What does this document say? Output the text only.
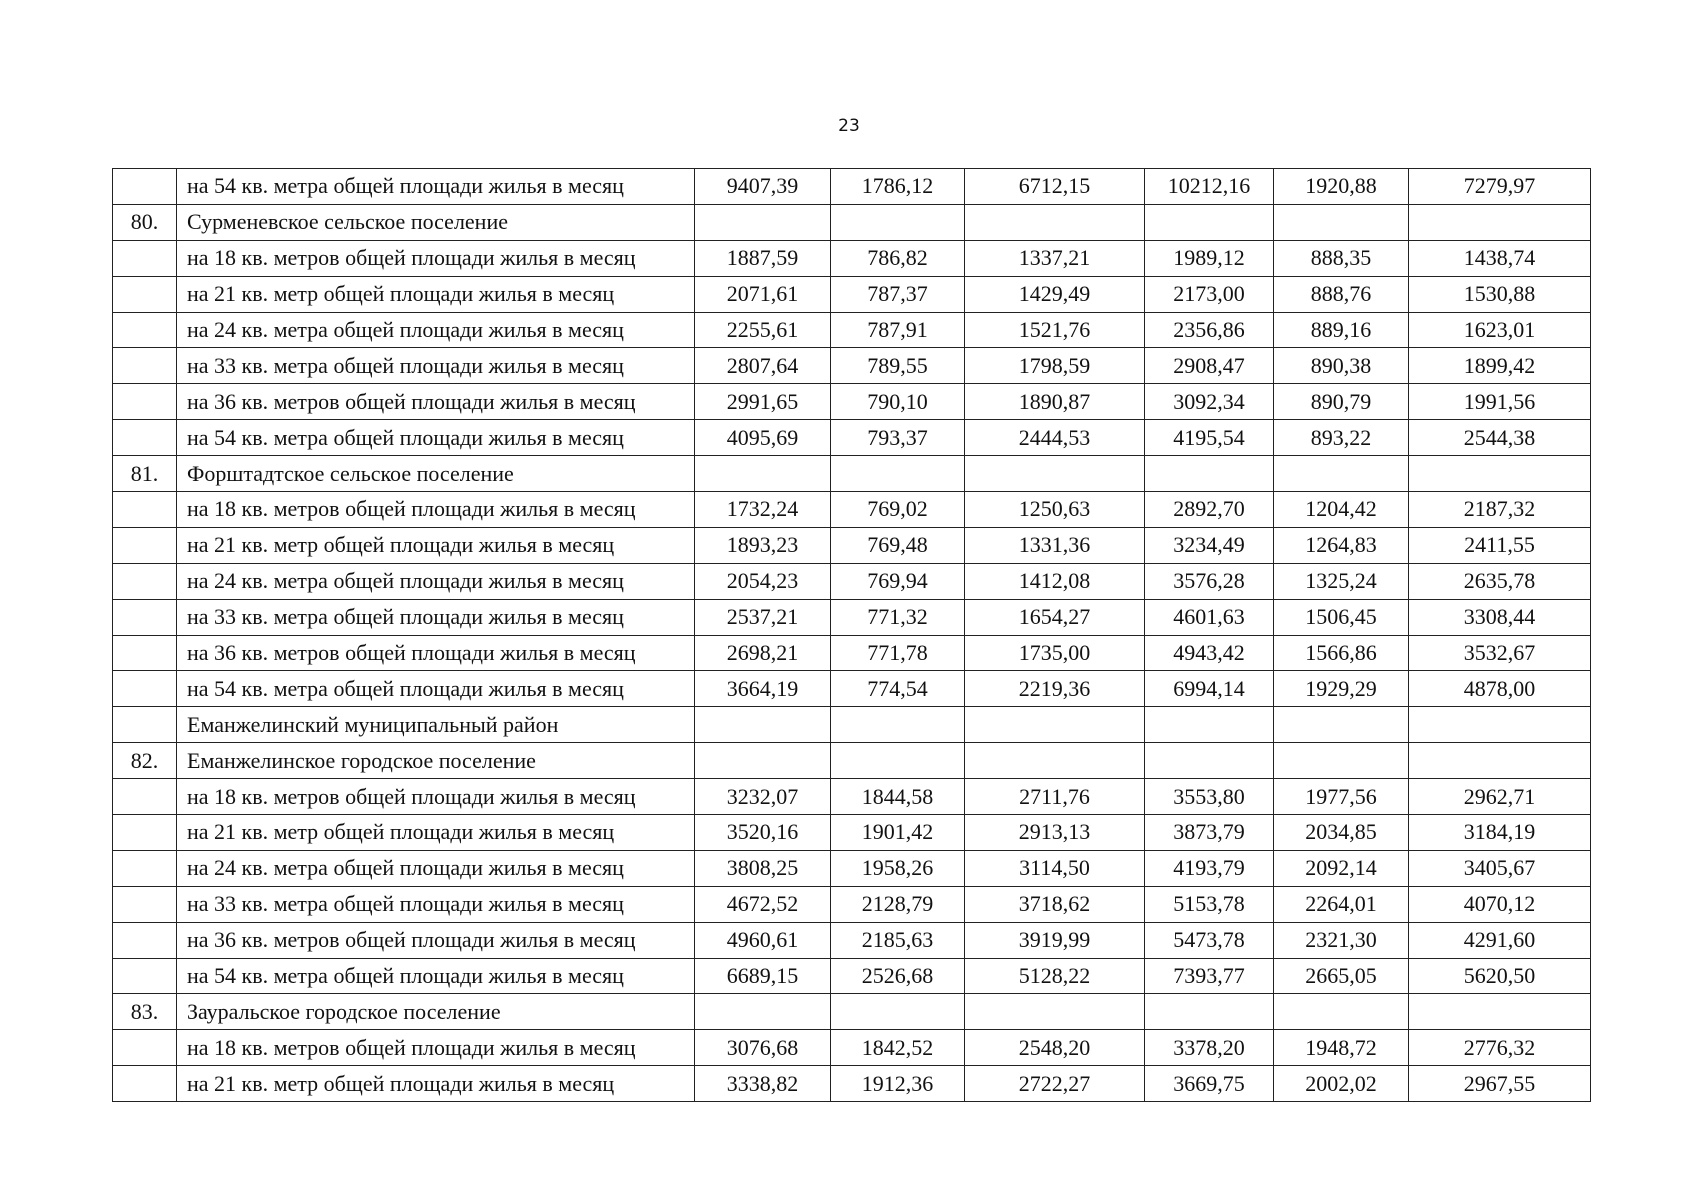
23
	на 54 кв. метра общей площади жилья в месяц	9407,39	1786,12	6712,15	10212,16	1920,88	7279,97
80.	Сурменевское сельское поселение						
	на 18 кв. метров общей площади жилья в месяц	1887,59	786,82	1337,21	1989,12	888,35	1438,74
	на 21 кв. метр общей площади жилья в месяц	2071,61	787,37	1429,49	2173,00	888,76	1530,88
	на 24 кв. метра общей площади жилья в месяц	2255,61	787,91	1521,76	2356,86	889,16	1623,01
	на 33 кв. метра общей площади жилья в месяц	2807,64	789,55	1798,59	2908,47	890,38	1899,42
	на 36 кв. метров общей площади жилья в месяц	2991,65	790,10	1890,87	3092,34	890,79	1991,56
	на 54 кв. метра общей площади жилья в месяц	4095,69	793,37	2444,53	4195,54	893,22	2544,38
81.	Форштадтское сельское поселение						
	на 18 кв. метров общей площади жилья в месяц	1732,24	769,02	1250,63	2892,70	1204,42	2187,32
	на 21 кв. метр общей площади жилья в месяц	1893,23	769,48	1331,36	3234,49	1264,83	2411,55
	на 24 кв. метра общей площади жилья в месяц	2054,23	769,94	1412,08	3576,28	1325,24	2635,78
	на 33 кв. метра общей площади жилья в месяц	2537,21	771,32	1654,27	4601,63	1506,45	3308,44
	на 36 кв. метров общей площади жилья в месяц	2698,21	771,78	1735,00	4943,42	1566,86	3532,67
	на 54 кв. метра общей площади жилья в месяц	3664,19	774,54	2219,36	6994,14	1929,29	4878,00
	Еманжелинский муниципальный район						
82.	Еманжелинское городское поселение						
	на 18 кв. метров общей площади жилья в месяц	3232,07	1844,58	2711,76	3553,80	1977,56	2962,71
	на 21 кв. метр общей площади жилья в месяц	3520,16	1901,42	2913,13	3873,79	2034,85	3184,19
	на 24 кв. метра общей площади жилья в месяц	3808,25	1958,26	3114,50	4193,79	2092,14	3405,67
	на 33 кв. метра общей площади жилья в месяц	4672,52	2128,79	3718,62	5153,78	2264,01	4070,12
	на 36 кв. метров общей площади жилья в месяц	4960,61	2185,63	3919,99	5473,78	2321,30	4291,60
	на 54 кв. метра общей площади жилья в месяц	6689,15	2526,68	5128,22	7393,77	2665,05	5620,50
83.	Зауральское городское поселение						
	на 18 кв. метров общей площади жилья в месяц	3076,68	1842,52	2548,20	3378,20	1948,72	2776,32
	на 21 кв. метр общей площади жилья в месяц	3338,82	1912,36	2722,27	3669,75	2002,02	2967,55
